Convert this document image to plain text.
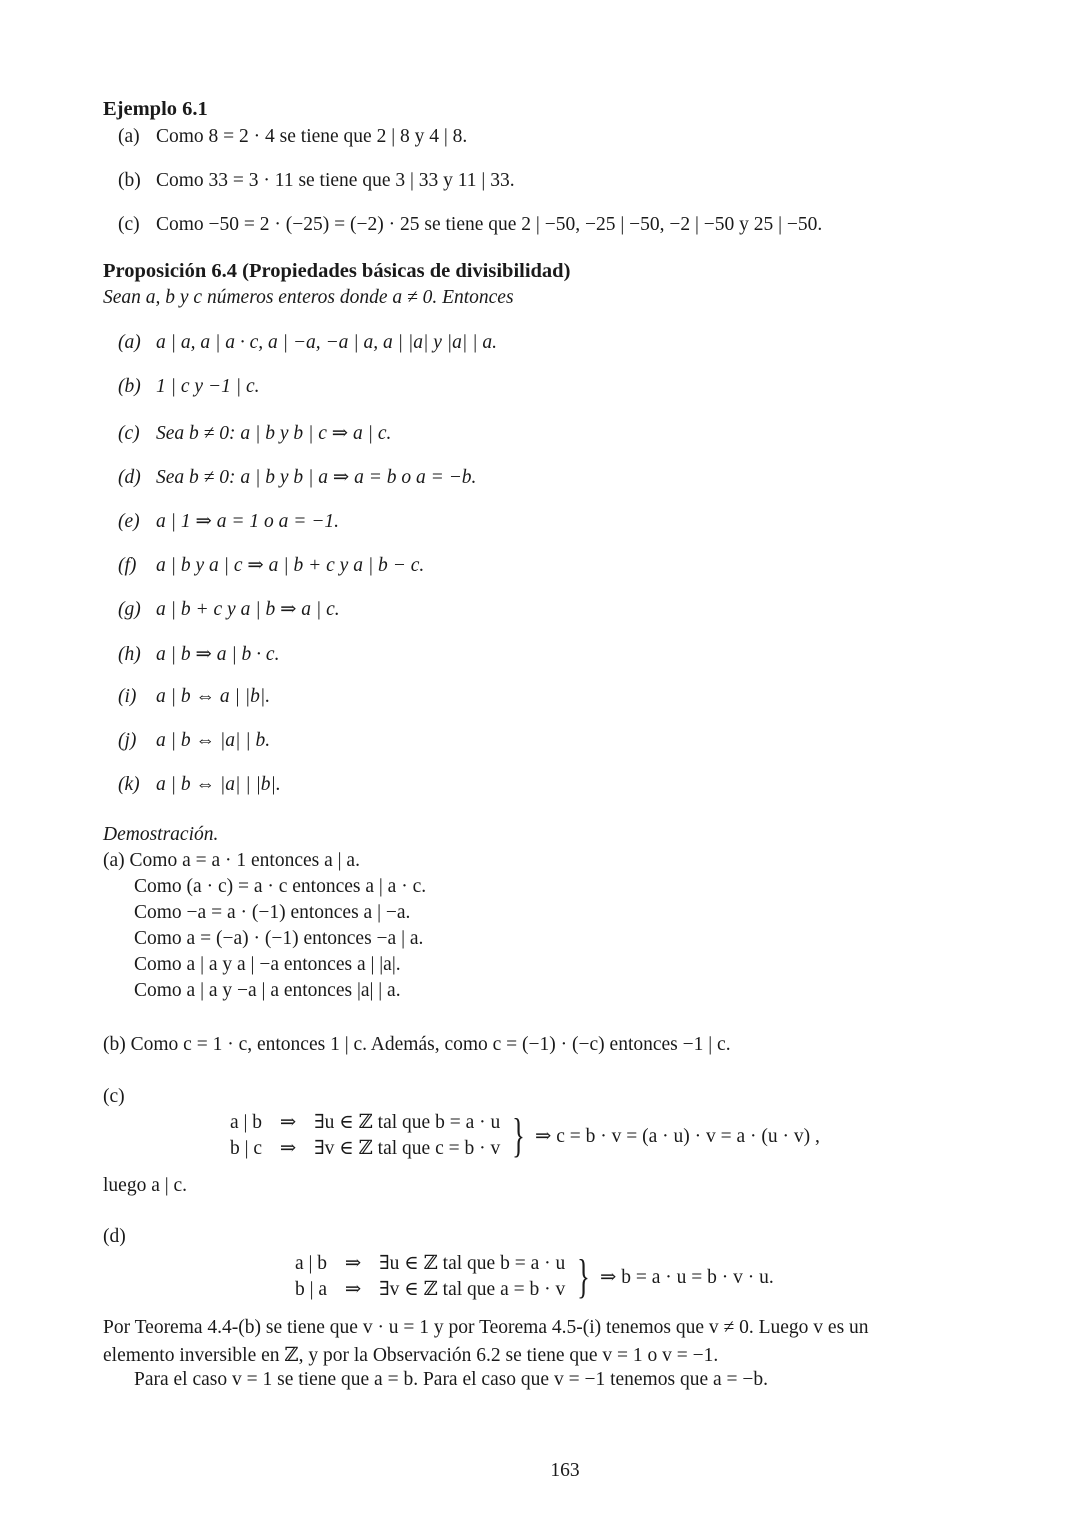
Ejemplo 6.1
(a) Como 8 = 2 · 4 se tiene que 2 | 8 y 4 | 8.
(b) Como 33 = 3 · 11 se tiene que 3 | 33 y 11 | 33.
(c) Como −50 = 2 · (−25) = (−2) · 25 se tiene que 2 | −50, −25 | −50, −2 | −50 y 25 | −50.
Proposición 6.4 (Propiedades básicas de divisibilidad)
Sean a, b y c números enteros donde a ≠ 0. Entonces
(a) a | a, a | a · c, a | −a, −a | a, a | |a| y |a| | a.
(b) 1 | c y −1 | c.
(c) Sea b ≠ 0: a | b y b | c ⇒ a | c.
(d) Sea b ≠ 0: a | b y b | a ⇒ a = b o a = −b.
(e) a | 1 ⇒ a = 1 o a = −1.
(f) a | b y a | c ⇒ a | b + c y a | b − c.
(g) a | b + c y a | b ⇒ a | c.
(h) a | b ⇒ a | b · c.
(i) a | b ⇔ a | |b|.
(j) a | b ⇔ |a| | b.
(k) a | b ⇔ |a| | |b|.
Demostración.
(a) Como a = a · 1 entonces a | a.
Como (a · c) = a · c entonces a | a · c.
Como −a = a · (−1) entonces a | −a.
Como a = (−a) · (−1) entonces −a | a.
Como a | a y a | −a entonces a | |a|.
Como a | a y −a | a entonces |a| | a.
(b) Como c = 1 · c, entonces 1 | c. Además, como c = (−1) · (−c) entonces −1 | c.
(c)
a | b	⇒ ∃u ∈ ℤ tal que b = a · u
b | c	⇒ ∃v ∈ ℤ tal que c = b · v } ⇒ c = b · v = (a · u) · v = a · (u · v) ,
luego a | c.
(d)
a | b	⇒ ∃u ∈ ℤ tal que b = a · u
b | a	⇒ ∃v ∈ ℤ tal que a = b · v } ⇒ b = a · u = b · v · u.
Por Teorema 4.4-(b) se tiene que v · u = 1 y por Teorema 4.5-(i) tenemos que v ≠ 0. Luego v es un
elemento inversible en ℤ, y por la Observación 6.2 se tiene que v = 1 o v = −1.
Para el caso v = 1 se tiene que a = b. Para el caso que v = −1 tenemos que a = −b.
163
